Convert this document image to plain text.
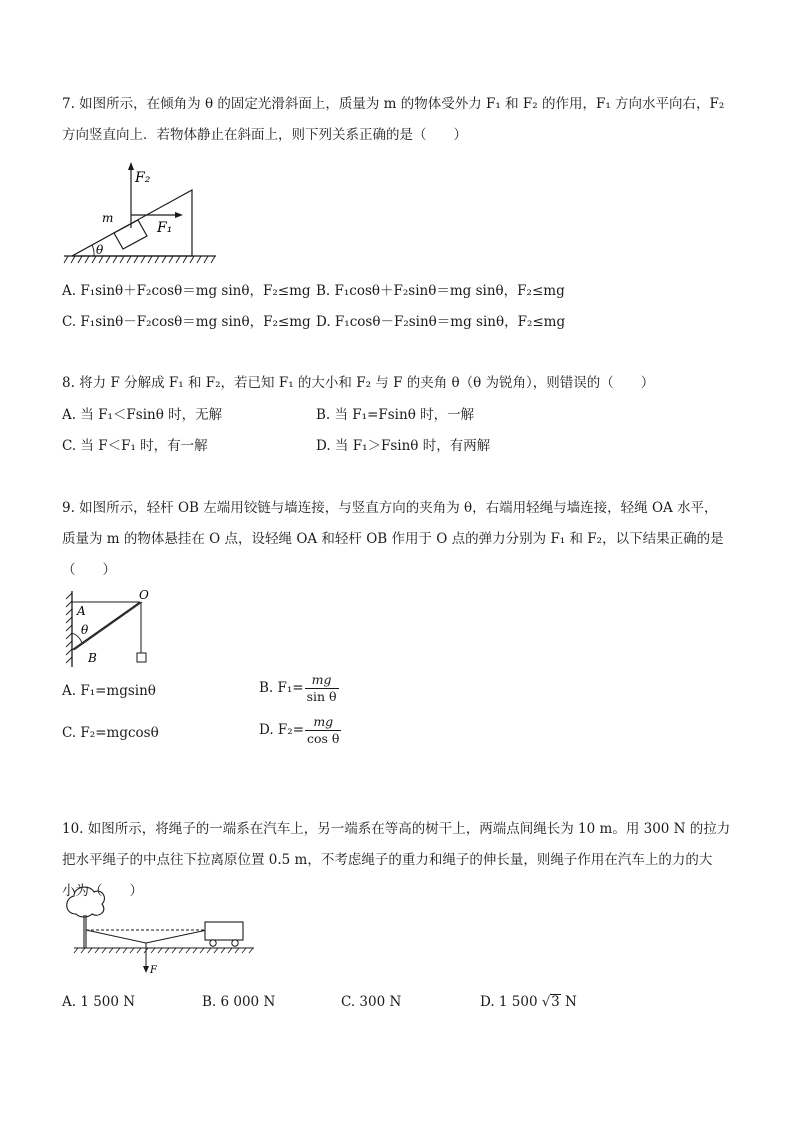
7. 如图所示，在倾角为 θ 的固定光滑斜面上，质量为 m 的物体受外力 F₁ 和 F₂ 的作用，F₁ 方向水平向右，F₂
方向竖直向上．若物体静止在斜面上，则下列关系正确的是（　　）
m
F₂
F₁
θ
A. F₁sinθ＋F₂cosθ＝mg sinθ，F₂≤mg B. F₁cosθ＋F₂sinθ＝mg sinθ，F₂≤mg
C. F₁sinθ－F₂cosθ＝mg sinθ，F₂≤mg D. F₁cosθ－F₂sinθ＝mg sinθ，F₂≤mg
8. 将力 F 分解成 F₁ 和 F₂，若已知 F₁ 的大小和 F₂ 与 F 的夹角 θ（θ 为锐角），则错误的（　　）
A. 当 F₁＜Fsinθ 时，无解	B. 当 F₁=Fsinθ 时，一解
C. 当 F＜F₁ 时，有一解	D. 当 F₁＞Fsinθ 时，有两解
9. 如图所示，轻杆 OB 左端用铰链与墙连接，与竖直方向的夹角为 θ，右端用轻绳与墙连接，轻绳 OA 水平，
质量为 m 的物体悬挂在 O 点，设轻绳 OA 和轻杆 OB 作用于 O 点的弹力分别为 F₁ 和 F₂，以下结果正确的是
（　　）
O
A
θ
B
A. F₁=mgsinθ	B. $F_1= \frac{mg}{\text{sin θ}}$
C. F₂=mgcosθ	D. $F_2= \frac{mg}{\text{cos θ}}$
10. 如图所示，将绳子的一端系在汽车上，另一端系在等高的树干上，两端点间绳长为 10 m。用 300 N 的拉力
把水平绳子的中点往下拉离原位置 0.5 m，不考虑绳子的重力和绳子的伸长量，则绳子作用在汽车上的力的大
小为（　　）
F
A. 1 500 N	B. 6 000 N	C. 300 N	D. 1 500 √3 N
